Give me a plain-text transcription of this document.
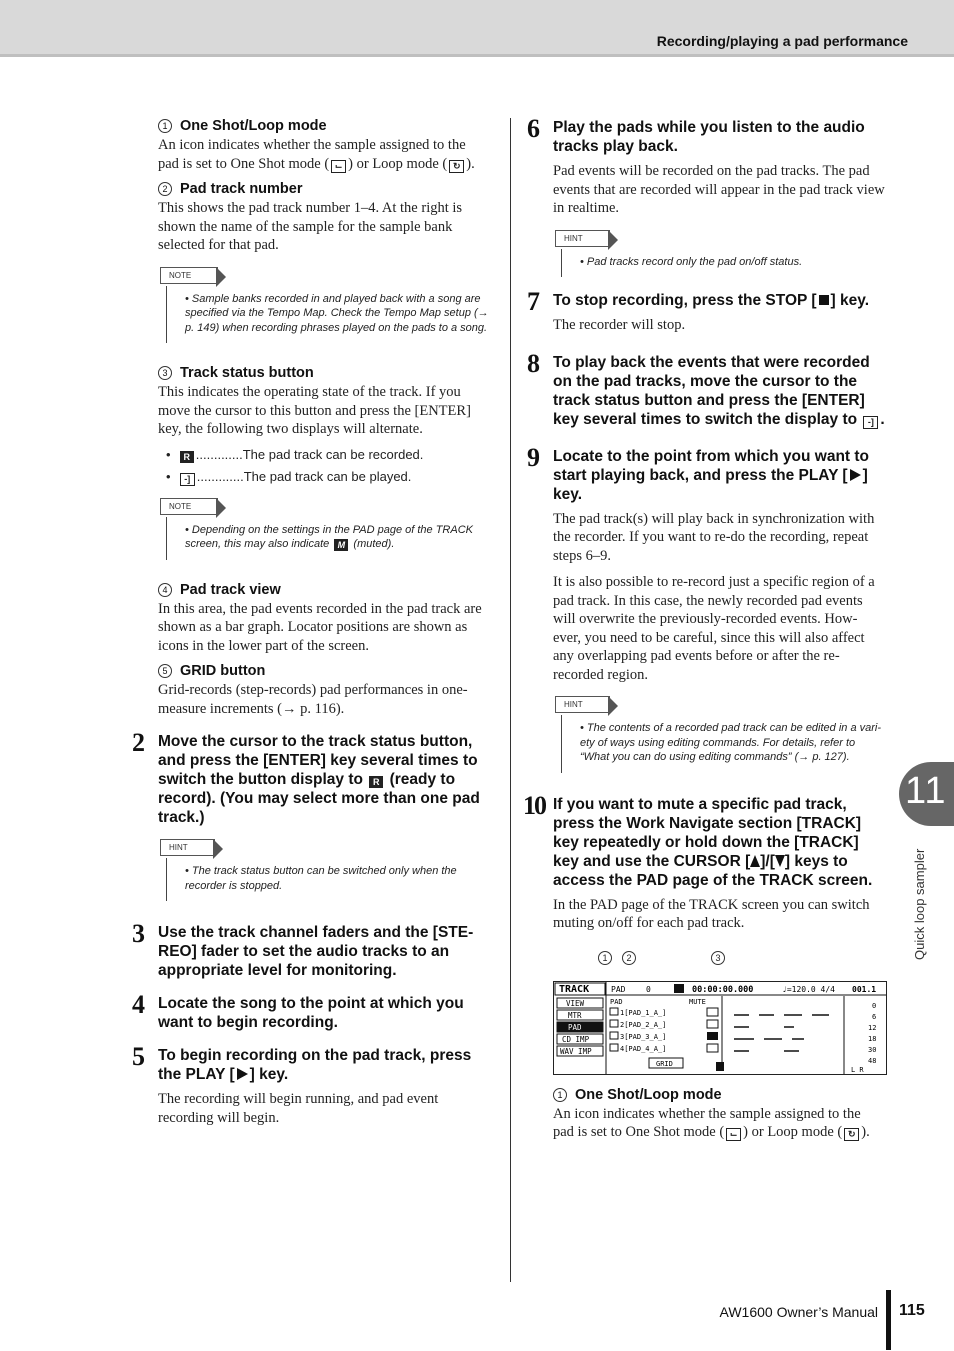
Recording/playing a pad performance

1 One Shot/Loop mode

An icon indicates whether the sample assigned to the pad is set to One Shot mode ( ⌙ ) or Loop mode ( ↻ ).

2 Pad track number

This shows the pad track number 1–4. At the right is shown the name of the sample for the sample bank selected for that pad.

NOTE

• Sample banks recorded in and played back with a song are specified via the Tempo Map. Check the Tempo Map setup (→ p. 149) when recording phrases played on the pads to a song.

3 Track status button

This indicates the operating state of the track. If you move the cursor to this button and press the [ENTER] key, the following two displays will alternate.

•  R .............The pad track can be recorded.
•  -] .............The pad track can be played.
NOTE

• Depending on the settings in the PAD page of the TRACK screen, this may also indicate M (muted).

4 Pad track view

In this area, the pad events recorded in the pad track are shown as a bar graph. Locator positions are shown as icons in the lower part of the screen.

5 GRID button

Grid-records (step-records) pad performances in one-measure increments (→ p. 116).

2 Move the cursor to the track status button, and press the [ENTER] key several times to switch the button display to R (ready to record). (You may select more than one pad track.)

HINT

• The track status button can be switched only when the recorder is stopped.

3 Use the track channel faders and the [STE-REO] fader to set the audio tracks to an appropriate level for monitoring.

4 Locate the song to the point at which you want to begin recording.

5 To begin recording on the pad track, press the PLAY [ ] key.

The recording will begin running, and pad event recording will begin.

6 Play the pads while you listen to the audio tracks play back.

Pad events will be recorded on the pad tracks. The pad events that are recorded will appear in the pad track view in realtime.

HINT

• Pad tracks record only the pad on/off status.

7 To stop recording, press the STOP [ ] key.

The recorder will stop.

8 To play back the events that were recorded on the pad tracks, move the cursor to the track status button and press the [ENTER] key several times to switch the display to -] .

9 Locate to the point from which you want to start playing back, and press the PLAY [ ] key.

The pad track(s) will play back in synchronization with the recorder. If you want to re-do the recording, repeat steps 6–9.

It is also possible to re-record just a specific region of a pad track. In this case, the newly recorded pad events will overwrite the previously-recorded events. How-ever, you need to be careful, since this will also affect any overlapping pad events before or after the re-recorded region.

HINT

• The contents of a recorded pad track can be edited in a vari-ety of ways using editing commands. For details, refer to “What you can do using editing commands” (→ p. 127).

10 If you want to mute a specific pad track, press the Work Navigate section [TRACK] key repeatedly or hold down the [TRACK] key and use the CURSOR [ ]/[ ] keys to access the PAD page of the TRACK screen.

In the PAD page of the TRACK screen you can switch muting on/off for each pad track.

1	2	3
TRACK
VIEW
MTR
PAD
CD IMP
WAV IMP
PAD	0	00:00:00.000	♩=120.0 4/4 001.1
PAD	MUTE
1[PAD_1_A_]
2[PAD_2_A_]
3[PAD_3_A_]
4[PAD_4_A_]
GRID
0
6
12
18
30
48
L R

1 One Shot/Loop mode

An icon indicates whether the sample assigned to the pad is set to One Shot mode ( ⌙ ) or Loop mode ( ↻ ).

11
Quick loop sampler
AW1600 Owner’s Manual 115
